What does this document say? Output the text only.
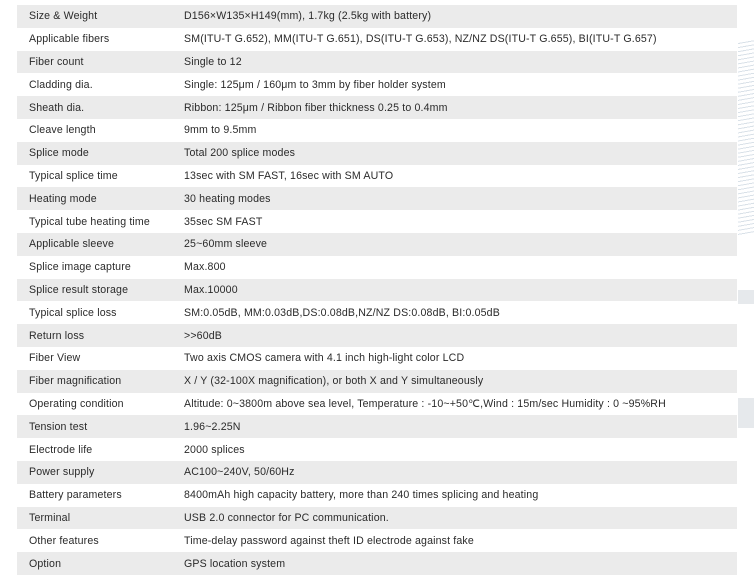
Size & Weight	D156×W135×H149(mm), 1.7kg (2.5kg with battery)
Applicable fibers	SM(ITU-T G.652), MM(ITU-T G.651), DS(ITU-T G.653), NZ/NZ DS(ITU-T G.655), BI(ITU-T G.657)
Fiber count	Single to 12
Cladding dia.	Single: 125μm / 160μm to 3mm by fiber holder system
Sheath dia.	Ribbon: 125μm / Ribbon fiber thickness 0.25 to 0.4mm
Cleave length	9mm to 9.5mm
Splice mode	Total 200 splice modes
Typical splice time	13sec with SM FAST, 16sec with SM AUTO
Heating mode	30 heating modes
Typical tube heating time	35sec SM FAST
Applicable sleeve	25~60mm sleeve
Splice image capture	Max.800
Splice result storage	Max.10000
Typical splice loss	SM:0.05dB, MM:0.03dB,DS:0.08dB,NZ/NZ DS:0.08dB, BI:0.05dB
Return loss	>>60dB
Fiber View	Two axis CMOS camera with 4.1 inch high-light color LCD
Fiber magnification	X / Y (32-100X magnification), or both X and Y simultaneously
Operating condition	Altitude: 0~3800m above sea level, Temperature : -10~+50℃,Wind : 15m/sec Humidity : 0 ~95%RH
Tension test	1.96~2.25N
Electrode life	2000 splices
Power supply	AC100~240V, 50/60Hz
Battery parameters	8400mAh high capacity battery, more than 240 times splicing and heating
Terminal	USB 2.0 connector for PC communication.
Other features	Time-delay password against theft ID electrode against fake
Option	GPS location system
